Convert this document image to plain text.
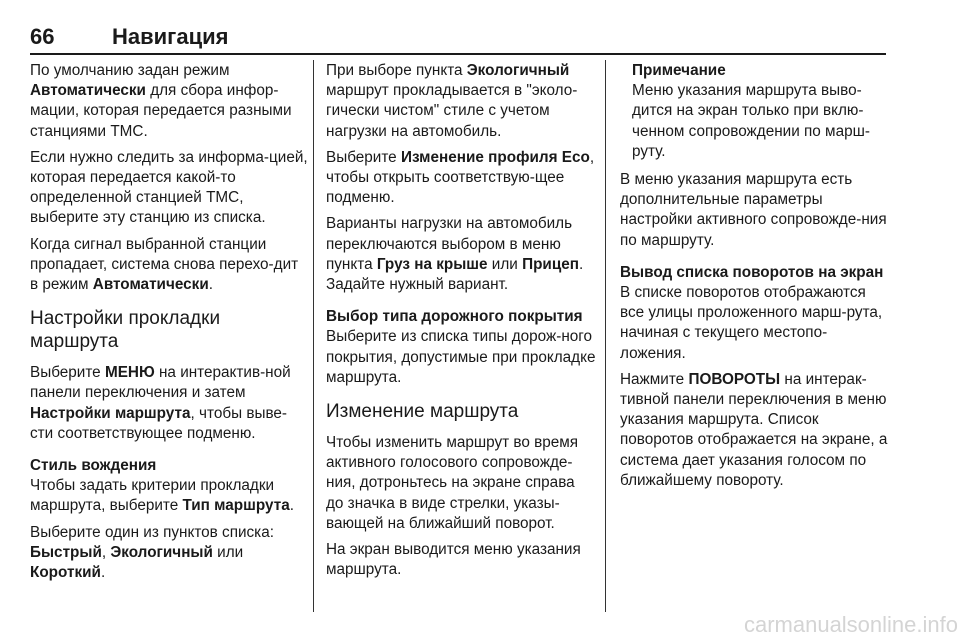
66	Навигация

По умолчанию задан режим Автоматически для сбора инфор-мации, которая передается разными станциями TMC.

Если нужно следить за информа-цией, которая передается какой-то определенной станцией TMC, выберите эту станцию из списка.

Когда сигнал выбранной станции пропадает, система снова перехо-дит в режим Автоматически.

Настройки прокладки маршрута

Выберите МЕНЮ на интерактив-ной панели переключения и затем Настройки маршрута, чтобы выве-сти соответствующее подменю.

Стиль вождения

Чтобы задать критерии прокладки маршрута, выберите Тип маршрута.

Выберите один из пунктов списка: Быстрый, Экологичный или Короткий.

При выборе пункта Экологичный маршрут прокладывается в "эколо-гически чистом" стиле с учетом нагрузки на автомобиль.

Выберите Изменение профиля Eco, чтобы открыть соответствую-щее подменю.

Варианты нагрузки на автомобиль переключаются выбором в меню пункта Груз на крыше или Прицеп. Задайте нужный вариант.

Выбор типа дорожного покрытия

Выберите из списка типы дорож-ного покрытия, допустимые при прокладке маршрута.

Изменение маршрута

Чтобы изменить маршрут во время активного голосового сопровожде-ния, дотроньтесь на экране справа до значка в виде стрелки, указы-вающей на ближайший поворот.

На экран выводится меню указания маршрута.

Примечание
Меню указания маршрута выво-дится на экран только при вклю-ченном сопровождении по марш-руту.

В меню указания маршрута есть дополнительные параметры настройки активного сопровожде-ния по маршруту.

Вывод списка поворотов на экран

В списке поворотов отображаются все улицы проложенного марш-рута, начиная с текущего местопо-ложения.

Нажмите ПОВОРОТЫ на интерак-тивной панели переключения в меню указания маршрута. Список поворотов отображается на экране, а система дает указания голосом по ближайшему повороту.

carmanualsonline.info
